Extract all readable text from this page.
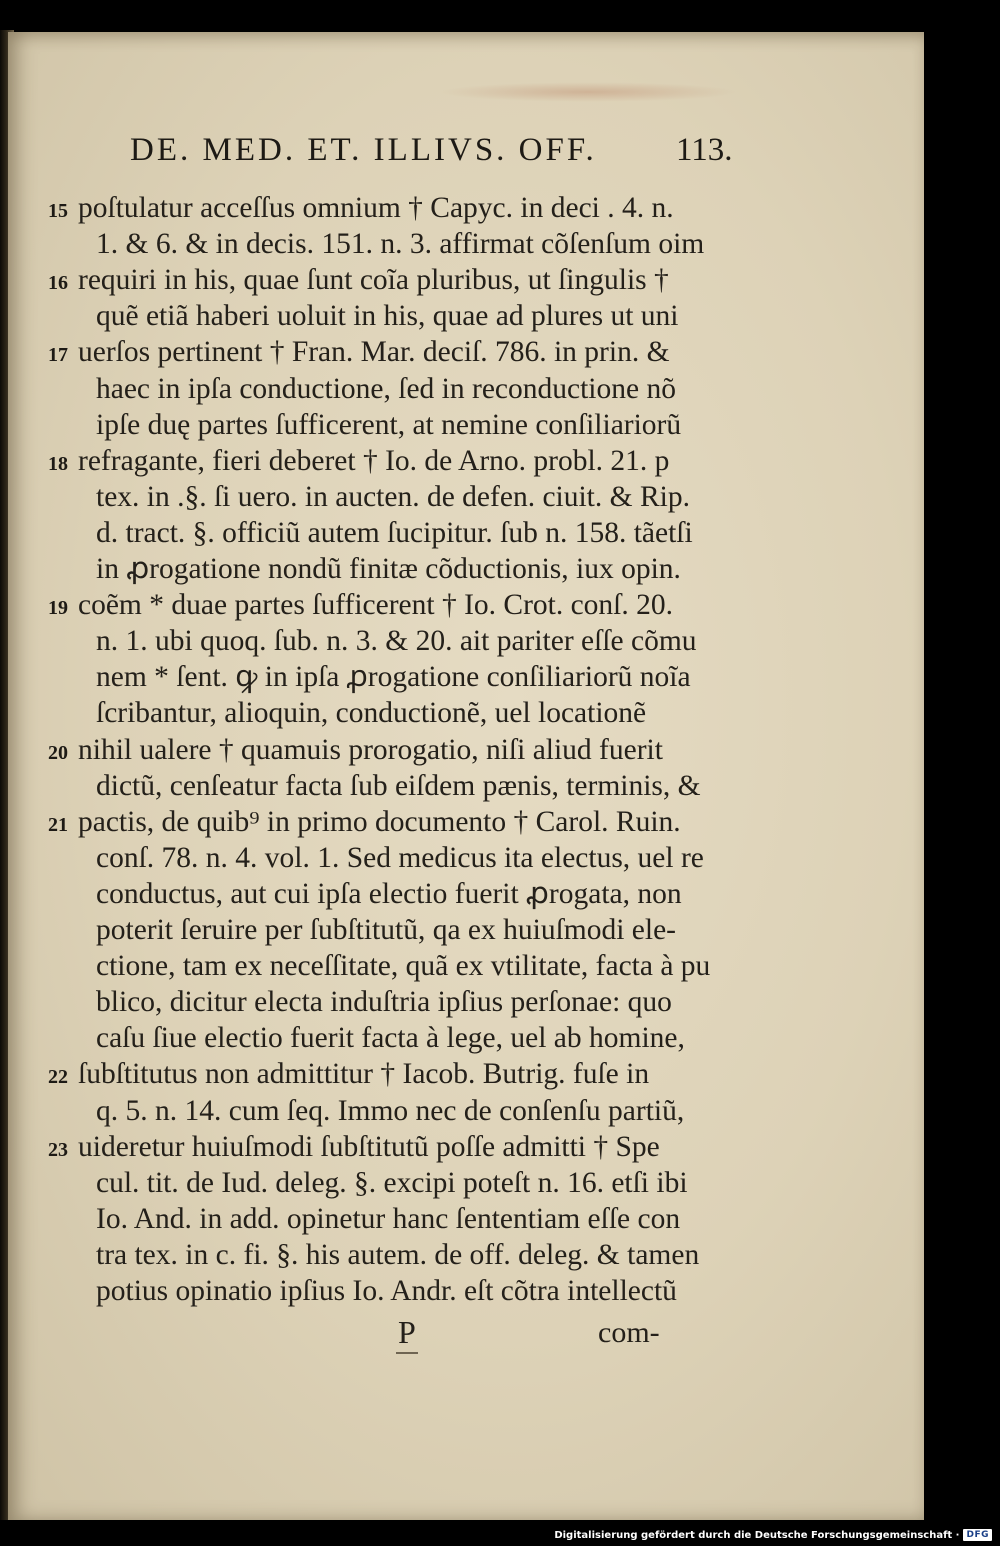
DE. MED. ET. ILLIVS. OFF. 113.
15 poſtulatur acceſſus omnium † Capyc. in deci . 4. n.
1. & 6. & in decis. 151. n. 3. affirmat cõſenſum oim
16 requiri in his, quae ſunt coĩa pluribus, ut ſingulis †
quẽ etiã haberi uoluit in his, quae ad plures ut uni
17 uerſos pertinent † Fran. Mar. deciſ. 786. in prin. &
haec in ipſa conductione, ſed in reconductione nõ
ipſe duę partes ſufficerent, at nemine conſiliariorũ
18 refragante, fieri deberet † Io. de Arno. probl. 21. p
tex. in .§. ſi uero. in aucten. de defen. ciuit. & Rip.
d. tract. §. officiũ autem ſucipitur. ſub n. 158. tãetſi
in ꝓrogatione nondũ finitæ cõductionis, iux opin.
19 coẽm * duae partes ſufficerent † Io. Crot. conſ. 20.
n. 1. ubi quoq. ſub. n. 3. & 20. ait pariter eſſe cõmu
nem * ſent. ꝙ in ipſa ꝓrogatione conſiliariorũ noĩa
ſcribantur, alioquin, conductionẽ, uel locationẽ
20 nihil ualere † quamuis prorogatio, niſi aliud fuerit
dictũ, cenſeatur facta ſub eiſdem pænis, terminis, &
21 pactis, de quib⁹ in primo documento † Carol. Ruin.
conſ. 78. n. 4. vol. 1. Sed medicus ita electus, uel re
conductus, aut cui ipſa electio fuerit ꝓrogata, non
poterit ſeruire per ſubſtitutũ, qa ex huiuſmodi ele-
ctione, tam ex neceſſitate, quã ex vtilitate, facta à pu
blico, dicitur electa induſtria ipſius perſonae: quo
caſu ſiue electio fuerit facta à lege, uel ab homine,
22 ſubſtitutus non admittitur † Iacob. Butrig. fuſe in
q. 5. n. 14. cum ſeq. Immo nec de conſenſu partiũ,
23 uideretur huiuſmodi ſubſtitutũ poſſe admitti † Spe
cul. tit. de Iud. deleg. §. excipi poteſt n. 16. etſi ibi
Io. And. in add. opinetur hanc ſententiam eſſe con
tra tex. in c. fi. §. his autem. de off. deleg. & tamen
potius opinatio ipſius Io. Andr. eſt cõtra intellectũ
P	com-
Digitalisierung gefördert durch die Deutsche Forschungsgemeinschaft · DFG
